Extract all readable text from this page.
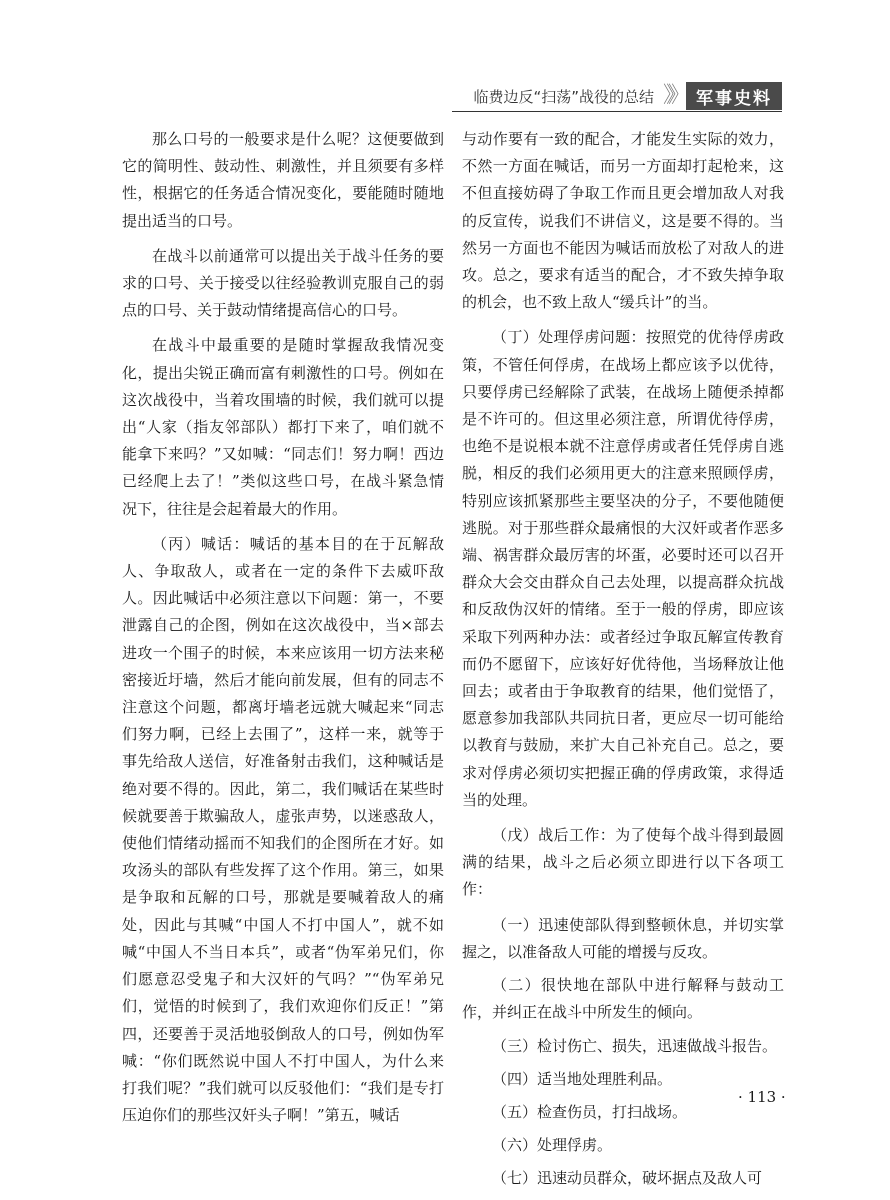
临费边反“扫荡”战役的总结 》》 军事史料

那么口号的一般要求是什么呢？这便要做到它的简明性、鼓动性、刺激性，并且须要有多样性，根据它的任务适合情况变化，要能随时随地提出适当的口号。

在战斗以前通常可以提出关于战斗任务的要求的口号、关于接受以往经验教训克服自己的弱点的口号、关于鼓动情绪提高信心的口号。

在战斗中最重要的是随时掌握敌我情况变化，提出尖锐正确而富有刺激性的口号。例如在这次战役中，当着攻围墙的时候，我们就可以提出“人家（指友邻部队）都打下来了，咱们就不能拿下来吗？”又如喊：“同志们！努力啊！西边已经爬上去了！”类似这些口号，在战斗紧急情况下，往往是会起着最大的作用。

（丙）喊话：喊话的基本目的在于瓦解敌人、争取敌人，或者在一定的条件下去威吓敌人。因此喊话中必须注意以下问题：第一，不要泄露自己的企图，例如在这次战役中，当×部去进攻一个围子的时候，本来应该用一切方法来秘密接近圩墙，然后才能向前发展，但有的同志不注意这个问题，都离圩墙老远就大喊起来“同志们努力啊，已经上去围了”，这样一来，就等于事先给敌人送信，好准备射击我们，这种喊话是绝对要不得的。因此，第二，我们喊话在某些时候就要善于欺骗敌人，虚张声势，以迷惑敌人，使他们情绪动摇而不知我们的企图所在才好。如攻汤头的部队有些发挥了这个作用。第三，如果是争取和瓦解的口号，那就是要喊着敌人的痛处，因此与其喊“中国人不打中国人”，就不如喊“中国人不当日本兵”，或者“伪军弟兄们，你们愿意忍受鬼子和大汉奸的气吗？”“伪军弟兄们，觉悟的时候到了，我们欢迎你们反正！”第四，还要善于灵活地驳倒敌人的口号，例如伪军喊：“你们既然说中国人不打中国人，为什么来打我们呢？”我们就可以反驳他们：“我们是专打压迫你们的那些汉奸头子啊！”第五，喊话

与动作要有一致的配合，才能发生实际的效力，不然一方面在喊话，而另一方面却打起枪来，这不但直接妨碍了争取工作而且更会增加敌人对我的反宣传，说我们不讲信义，这是要不得的。当然另一方面也不能因为喊话而放松了对敌人的进攻。总之，要求有适当的配合，才不致失掉争取的机会，也不致上敌人“缓兵计”的当。

（丁）处理俘虏问题：按照党的优待俘虏政策，不管任何俘虏，在战场上都应该予以优待，只要俘虏已经解除了武装，在战场上随便杀掉都是不许可的。但这里必须注意，所谓优待俘虏，也绝不是说根本就不注意俘虏或者任凭俘虏自逃脱，相反的我们必须用更大的注意来照顾俘虏，特别应该抓紧那些主要坚决的分子，不要他随便逃脱。对于那些群众最痛恨的大汉奸或者作恶多端、祸害群众最厉害的坏蛋，必要时还可以召开群众大会交由群众自己去处理，以提高群众抗战和反敌伪汉奸的情绪。至于一般的俘虏，即应该采取下列两种办法：或者经过争取瓦解宣传教育而仍不愿留下，应该好好优待他，当场释放让他回去；或者由于争取教育的结果，他们觉悟了，愿意参加我部队共同抗日者，更应尽一切可能给以教育与鼓励，来扩大自己补充自己。总之，要求对俘虏必须切实把握正确的俘虏政策，求得适当的处理。

（戊）战后工作：为了使每个战斗得到最圆满的结果，战斗之后必须立即进行以下各项工作：

（一）迅速使部队得到整顿休息，并切实掌握之，以准备敌人可能的增援与反攻。

（二）很快地在部队中进行解释与鼓动工作，并纠正在战斗中所发生的倾向。

（三）检讨伤亡、损失，迅速做战斗报告。

（四）适当地处理胜利品。

（五）检查伤员，打扫战场。

（六）处理俘虏。

（七）迅速动员群众，破坏据点及敌人可

· 113 ·
